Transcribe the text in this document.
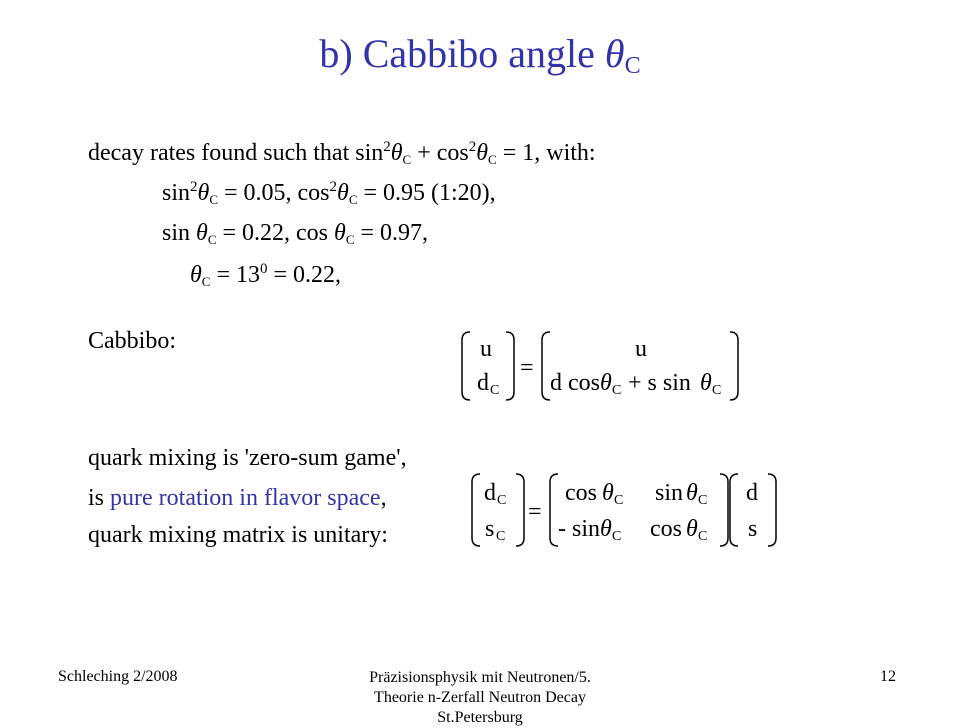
b) Cabbibo angle $\theta_C$
decay rates found such that $\sin^2\theta_C + \cos^2\theta_C = 1$, with:
$\sin^2\theta_C = 0.05$, $\cos^2\theta_C = 0.95$ (1:20),
$\sin \theta_C = 0.22$, $\cos \theta_C = 0.97$,
$\theta_C = 13^0 = 0.22$,
Cabbibo:	u
d C
=
u
d cos θ C + s sin θ C
quark mixing is 'zero-sum game',
is pure rotation in flavor space,
quark mixing matrix is unitary:
d C
s C
=
cos θ C sin θ C
- sin θ C cos θ C
d
s
Schleching 2/2008	Präzisionsphysik mit Neutronen/5.
Theorie n-Zerfall Neutron Decay
St.Petersburg
12
